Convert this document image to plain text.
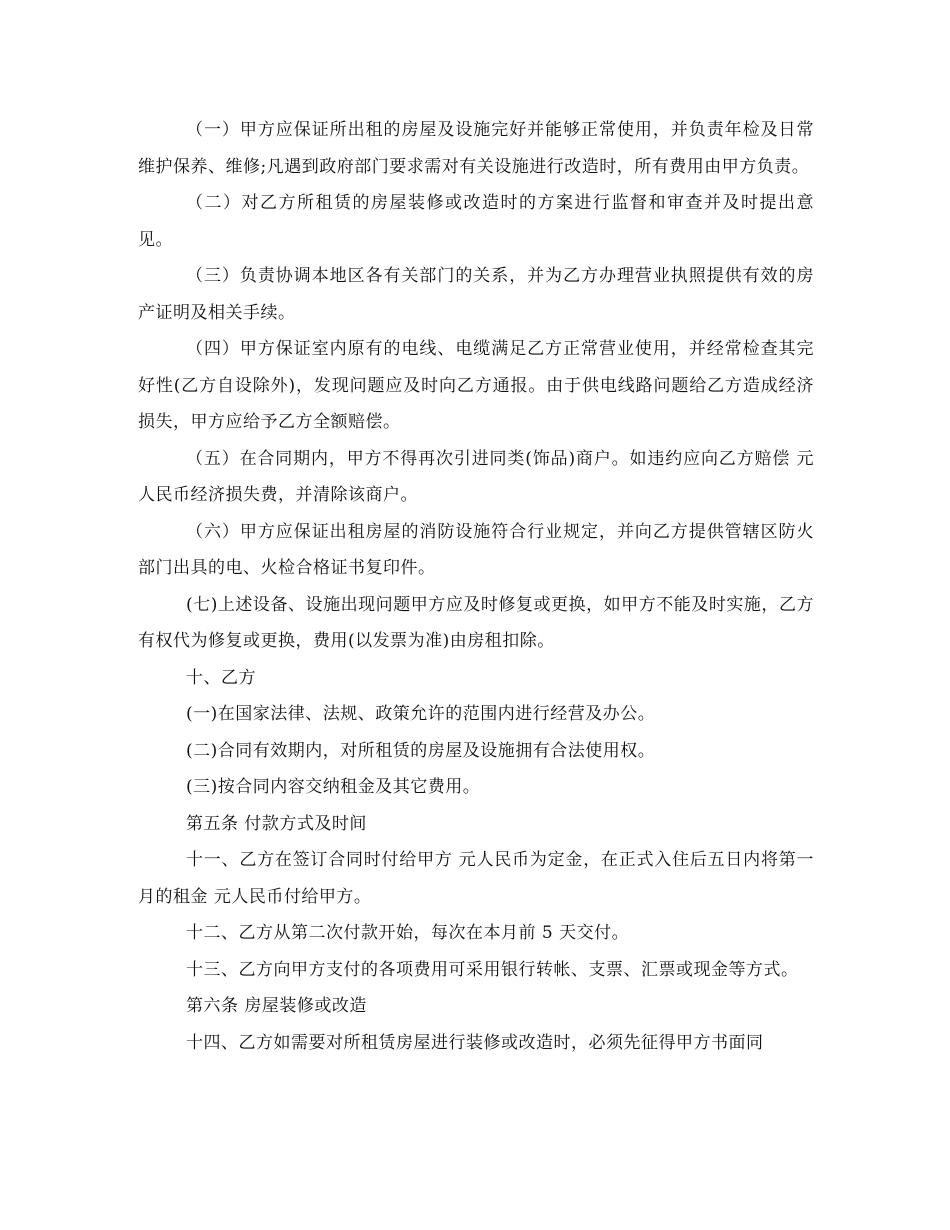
（一）甲方应保证所出租的房屋及设施完好并能够正常使用，并负责年检及日常维护保养、维修;凡遇到政府部门要求需对有关设施进行改造时，所有费用由甲方负责。

（二）对乙方所租赁的房屋装修或改造时的方案进行监督和审查并及时提出意见。

（三）负责协调本地区各有关部门的关系，并为乙方办理营业执照提供有效的房产证明及相关手续。

（四）甲方保证室内原有的电线、电缆满足乙方正常营业使用，并经常检查其完好性(乙方自设除外)，发现问题应及时向乙方通报。由于供电线路问题给乙方造成经济损失，甲方应给予乙方全额赔偿。

（五）在合同期内，甲方不得再次引进同类(饰品)商户。如违约应向乙方赔偿 元人民币经济损失费，并清除该商户。

（六）甲方应保证出租房屋的消防设施符合行业规定，并向乙方提供管辖区防火部门出具的电、火检合格证书复印件。

(七)上述设备、设施出现问题甲方应及时修复或更换，如甲方不能及时实施，乙方有权代为修复或更换，费用(以发票为准)由房租扣除。

十、乙方

(一)在国家法律、法规、政策允许的范围内进行经营及办公。

(二)合同有效期内，对所租赁的房屋及设施拥有合法使用权。

(三)按合同内容交纳租金及其它费用。

第五条 付款方式及时间

十一、乙方在签订合同时付给甲方 元人民币为定金，在正式入住后五日内将第一月的租金 元人民币付给甲方。

十二、乙方从第二次付款开始，每次在本月前 5 天交付。

十三、乙方向甲方支付的各项费用可采用银行转帐、支票、汇票或现金等方式。

第六条 房屋装修或改造

十四、乙方如需要对所租赁房屋进行装修或改造时，必须先征得甲方书面同
